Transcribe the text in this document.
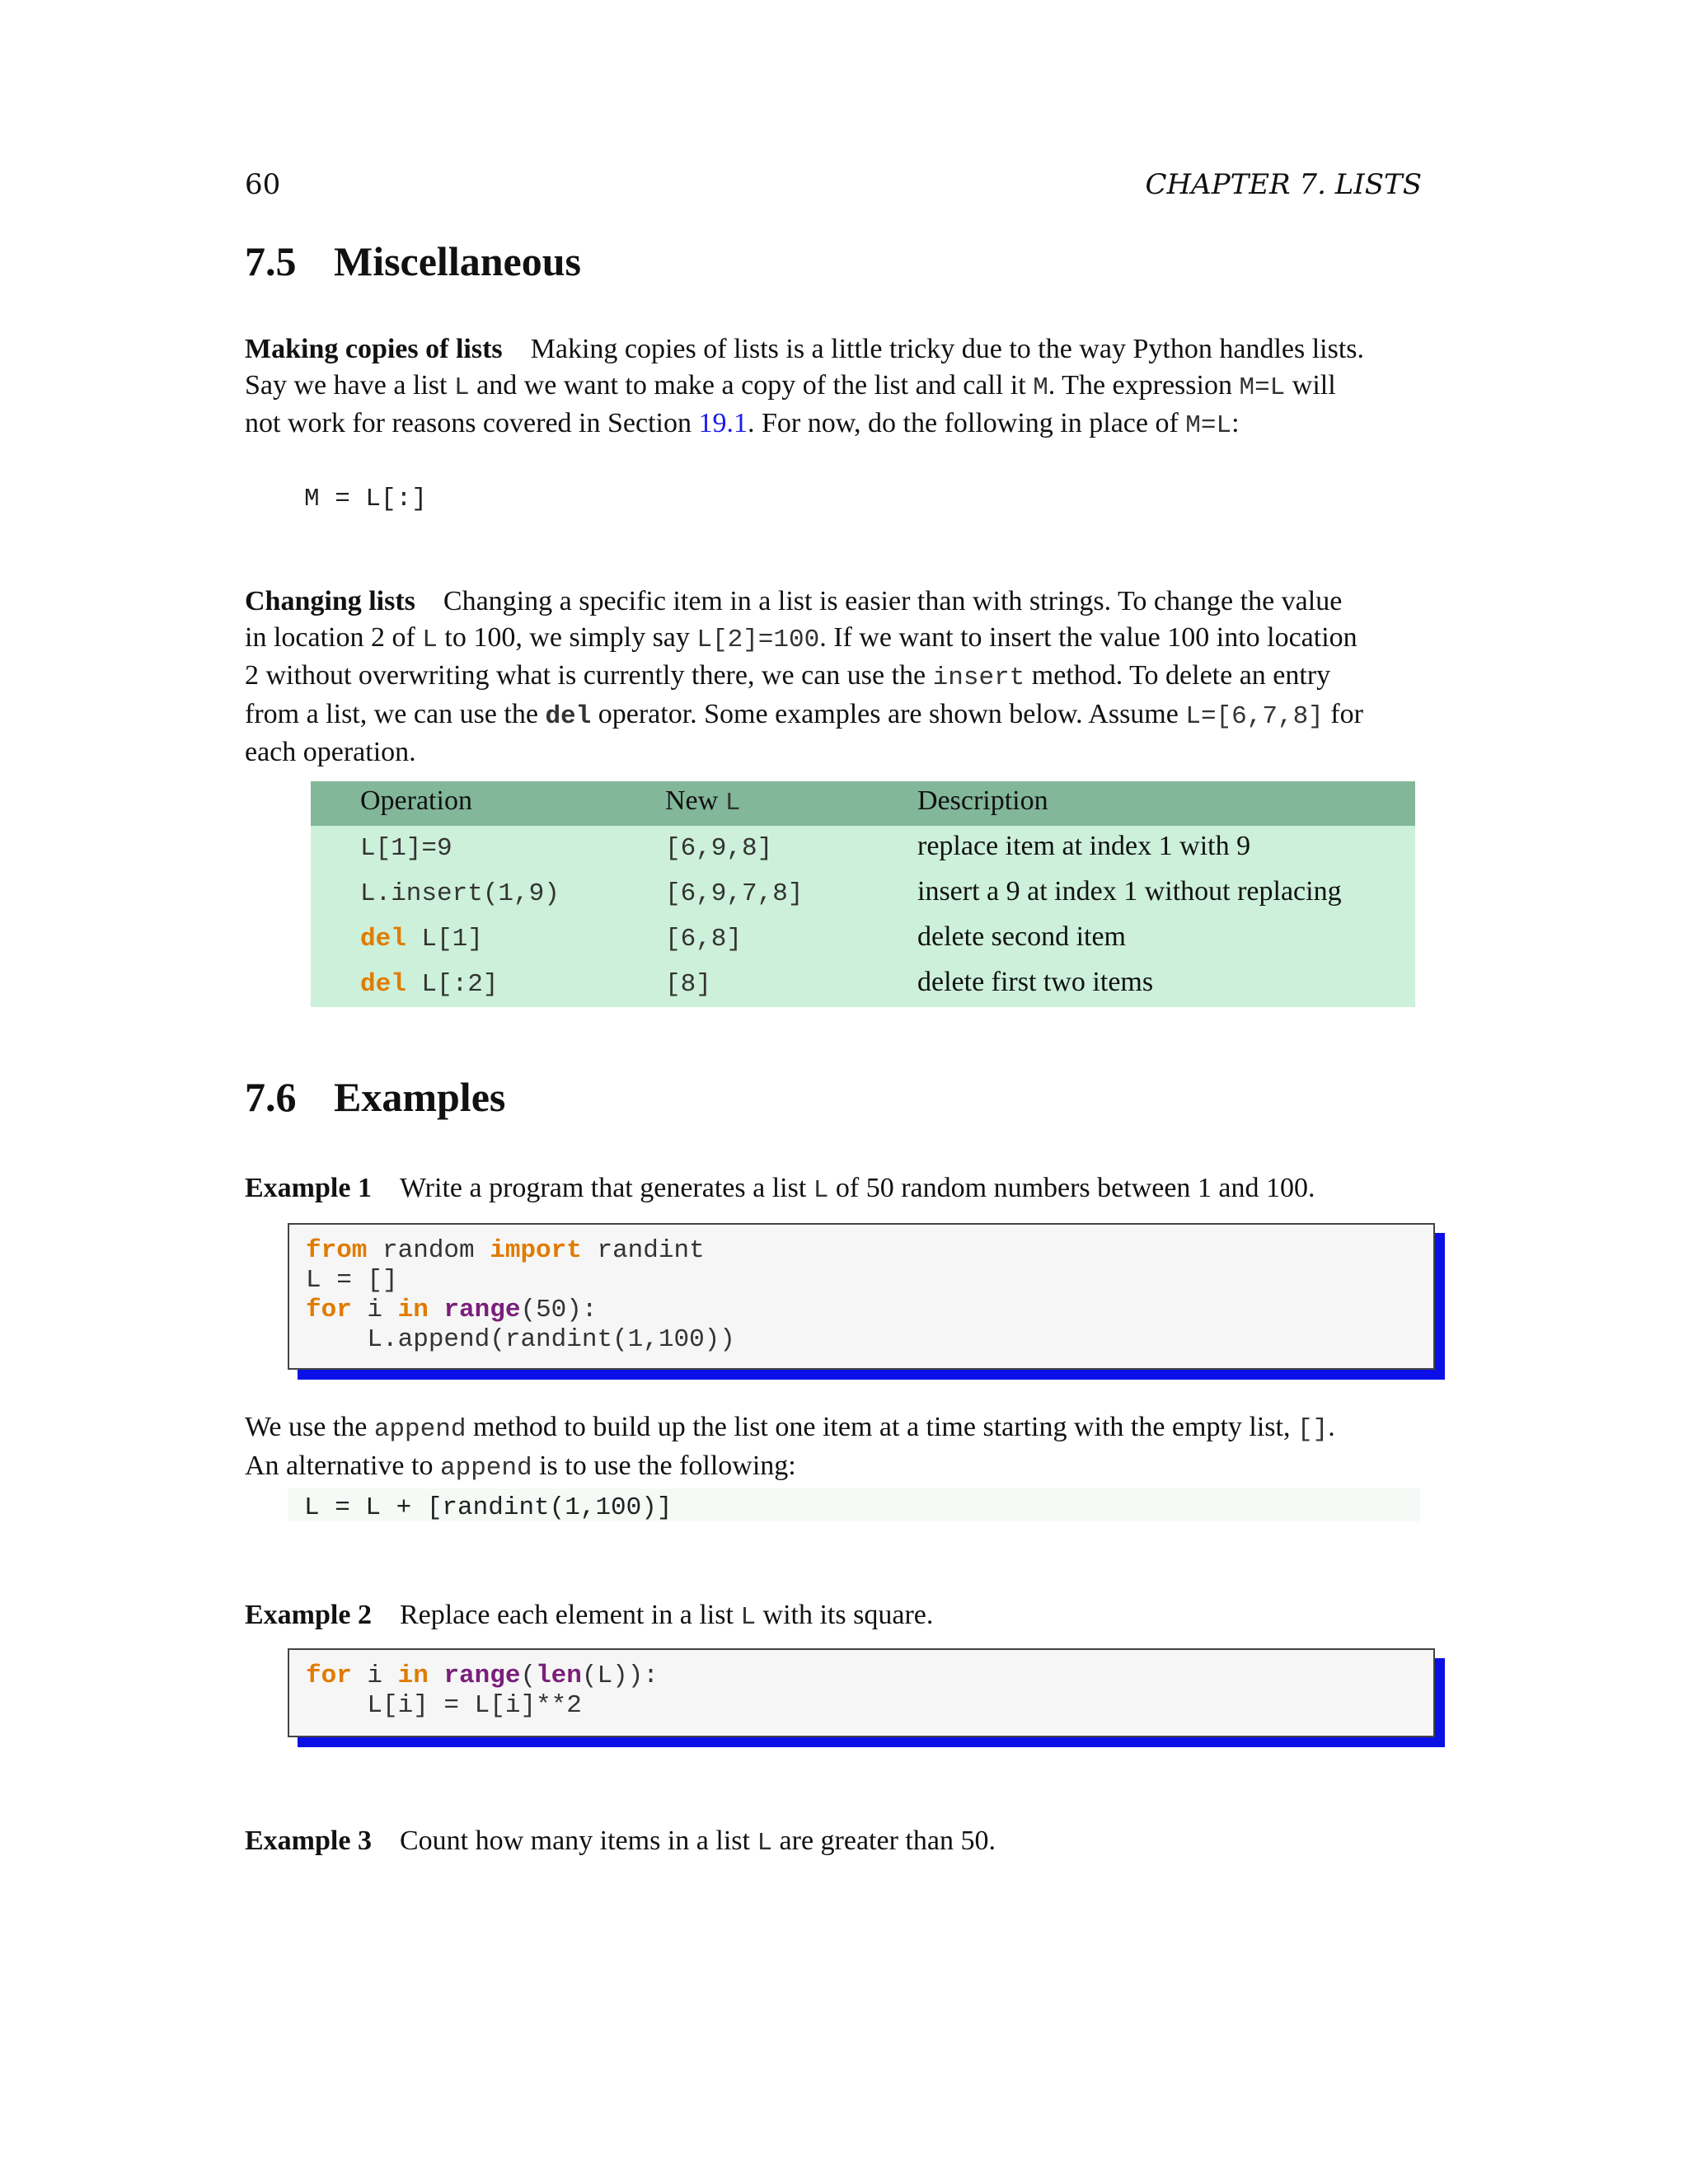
60	CHAPTER 7. LISTS
7.5 Miscellaneous
Making copies of lists Making copies of lists is a little tricky due to the way Python handles lists.
Say we have a list L and we want to make a copy of the list and call it M. The expression M=L will
not work for reasons covered in Section 19.1. For now, do the following in place of M=L:
M = L[:]
Changing lists Changing a specific item in a list is easier than with strings. To change the value
in location 2 of L to 100, we simply say L[2]=100. If we want to insert the value 100 into location
2 without overwriting what is currently there, we can use the insert method. To delete an entry
from a list, we can use the del operator. Some examples are shown below. Assume L=[6,7,8] for
each operation.
Operation	New L	Description
L[1]=9	[6,9,8]	replace item at index 1 with 9
L.insert(1,9)	[6,9,7,8]	insert a 9 at index 1 without replacing
del L[1]	[6,8]	delete second item
del L[:2]	[8]	delete first two items
7.6 Examples
Example 1 Write a program that generates a list L of 50 random numbers between 1 and 100.
from random import randint
L = []
for i in range(50):
L.append(randint(1,100))
We use the append method to build up the list one item at a time starting with the empty list, [].
An alternative to append is to use the following:
L = L + [randint(1,100)]
Example 2 Replace each element in a list L with its square.
for i in range(len(L)):
L[i] = L[i]**2
Example 3 Count how many items in a list L are greater than 50.
